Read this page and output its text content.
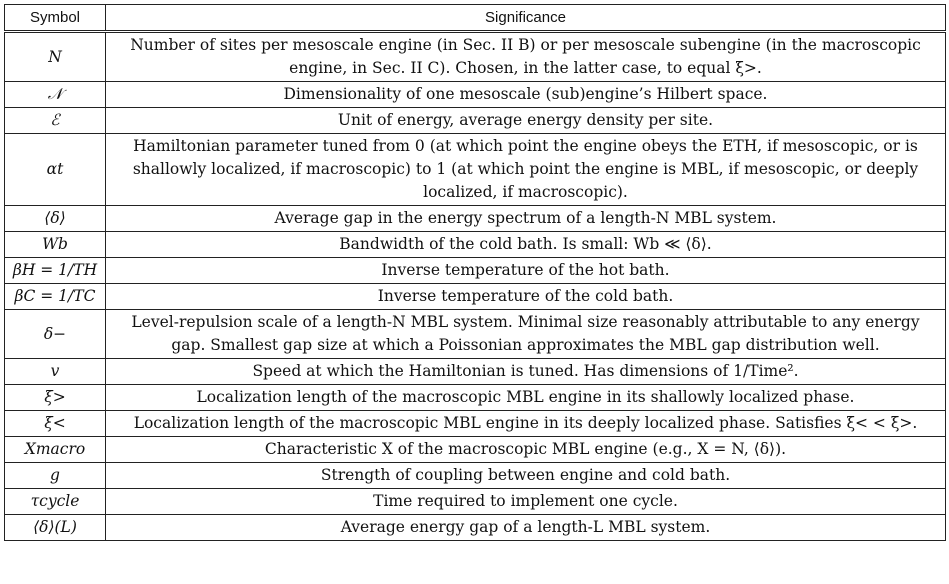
Symbol	Significance
N	Number of sites per mesoscale engine (in Sec. II B) or per mesoscale subengine (in the macroscopic engine, in Sec. II C). Chosen, in the latter case, to equal ξ>.
𝒩	Dimensionality of one mesoscale (sub)engine’s Hilbert space.
ℰ	Unit of energy, average energy density per site.
αt	Hamiltonian parameter tuned from 0 (at which point the engine obeys the ETH, if mesoscopic, or is shallowly localized, if macroscopic) to 1 (at which point the engine is MBL, if mesoscopic, or deeply localized, if macroscopic).
⟨δ⟩	Average gap in the energy spectrum of a length-N MBL system.
Wb	Bandwidth of the cold bath. Is small: Wb ≪ ⟨δ⟩.
βH = 1/TH	Inverse temperature of the hot bath.
βC = 1/TC	Inverse temperature of the cold bath.
δ−	Level-repulsion scale of a length-N MBL system. Minimal size reasonably attributable to any energy gap. Smallest gap size at which a Poissonian approximates the MBL gap distribution well.
v	Speed at which the Hamiltonian is tuned. Has dimensions of 1/Time².
ξ>	Localization length of the macroscopic MBL engine in its shallowly localized phase.
ξ<	Localization length of the macroscopic MBL engine in its deeply localized phase. Satisfies ξ< < ξ>.
Xmacro	Characteristic X of the macroscopic MBL engine (e.g., X = N, ⟨δ⟩).
g	Strength of coupling between engine and cold bath.
τcycle	Time required to implement one cycle.
⟨δ⟩(L)	Average energy gap of a length-L MBL system.
